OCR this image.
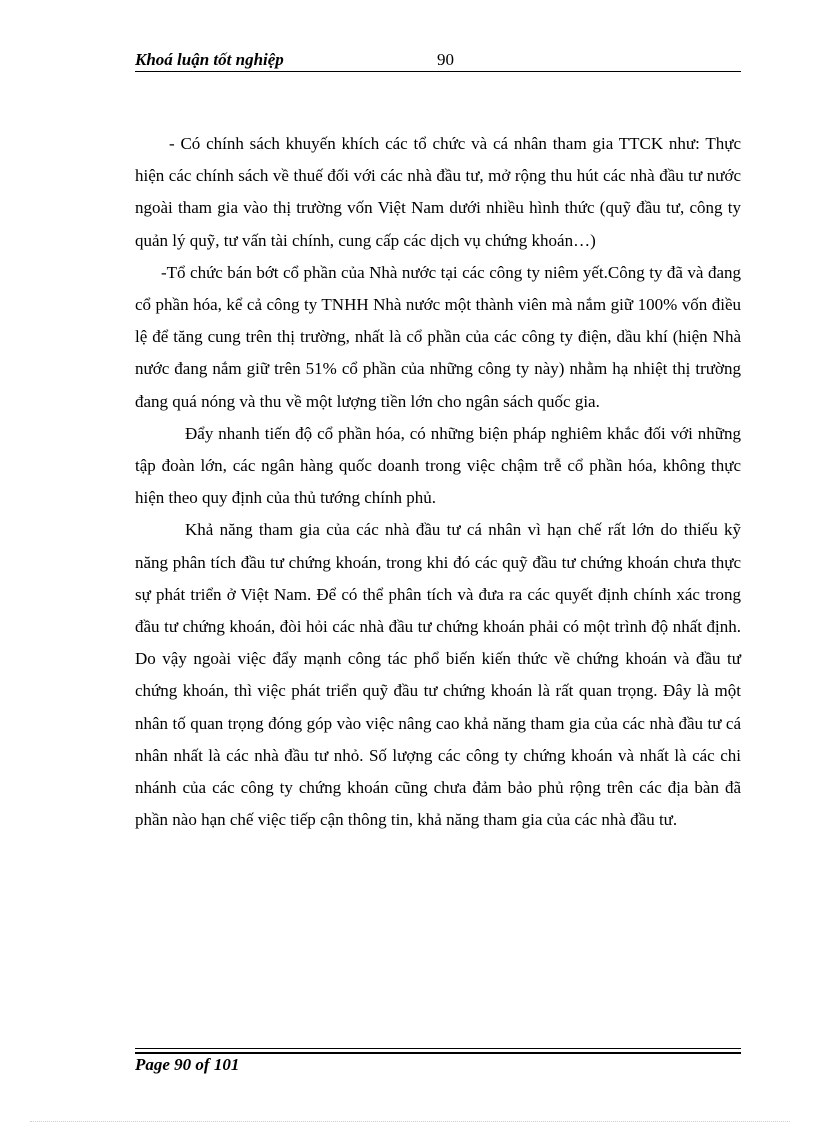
Khoá luận tốt nghiệp	90

- Có chính sách khuyến khích các tổ chức và cá nhân tham gia TTCK như: Thực hiện các chính sách về thuế đối với các nhà đầu tư, mở rộng thu hút các nhà đầu tư nước ngoài tham gia vào thị trường vốn Việt Nam dưới nhiều hình thức (quỹ đầu tư, công ty quản lý quỹ, tư vấn tài chính, cung cấp các dịch vụ chứng khoán…)

-Tổ chức bán bớt cổ phần của Nhà nước tại các công ty niêm yết.Công ty đã và đang cổ phần hóa, kể cả công ty TNHH Nhà nước một thành viên mà nắm giữ 100% vốn điều lệ để tăng cung trên thị trường, nhất là cổ phần của các công ty điện, dầu khí (hiện Nhà nước đang nắm giữ trên 51% cổ phần của những công ty này) nhằm hạ nhiệt thị trường đang quá nóng và thu về một lượng tiền lớn cho ngân sách quốc gia.

Đẩy nhanh tiến độ cổ phần hóa, có những biện pháp nghiêm khắc đối với những tập đoàn lớn, các ngân hàng quốc doanh trong việc chậm trễ cổ phần hóa, không thực hiện theo quy định của thủ tướng chính phủ.

Khả năng tham gia của các nhà đầu tư cá nhân vì hạn chế rất lớn do thiếu kỹ năng phân tích đầu tư chứng khoán, trong khi đó các quỹ đầu tư chứng khoán chưa thực sự phát triển ở Việt Nam. Để có thể phân tích và đưa ra các quyết định chính xác trong đầu tư chứng khoán, đòi hỏi các nhà đầu tư chứng khoán phải có một trình độ nhất định. Do vậy ngoài việc đẩy mạnh công tác phổ biến kiến thức về chứng khoán và đầu tư chứng khoán, thì việc phát triển quỹ đầu tư chứng khoán là rất quan trọng. Đây là một nhân tố quan trọng đóng góp vào việc nâng cao khả năng tham gia của các nhà đầu tư cá nhân nhất là các nhà đầu tư nhỏ. Số lượng các công ty chứng khoán và nhất là các chi nhánh của các công ty chứng khoán cũng chưa đảm bảo phủ rộng trên các địa bàn đã phần nào hạn chế việc tiếp cận thông tin, khả năng tham gia của các nhà đầu tư.

Page 90 of 101
